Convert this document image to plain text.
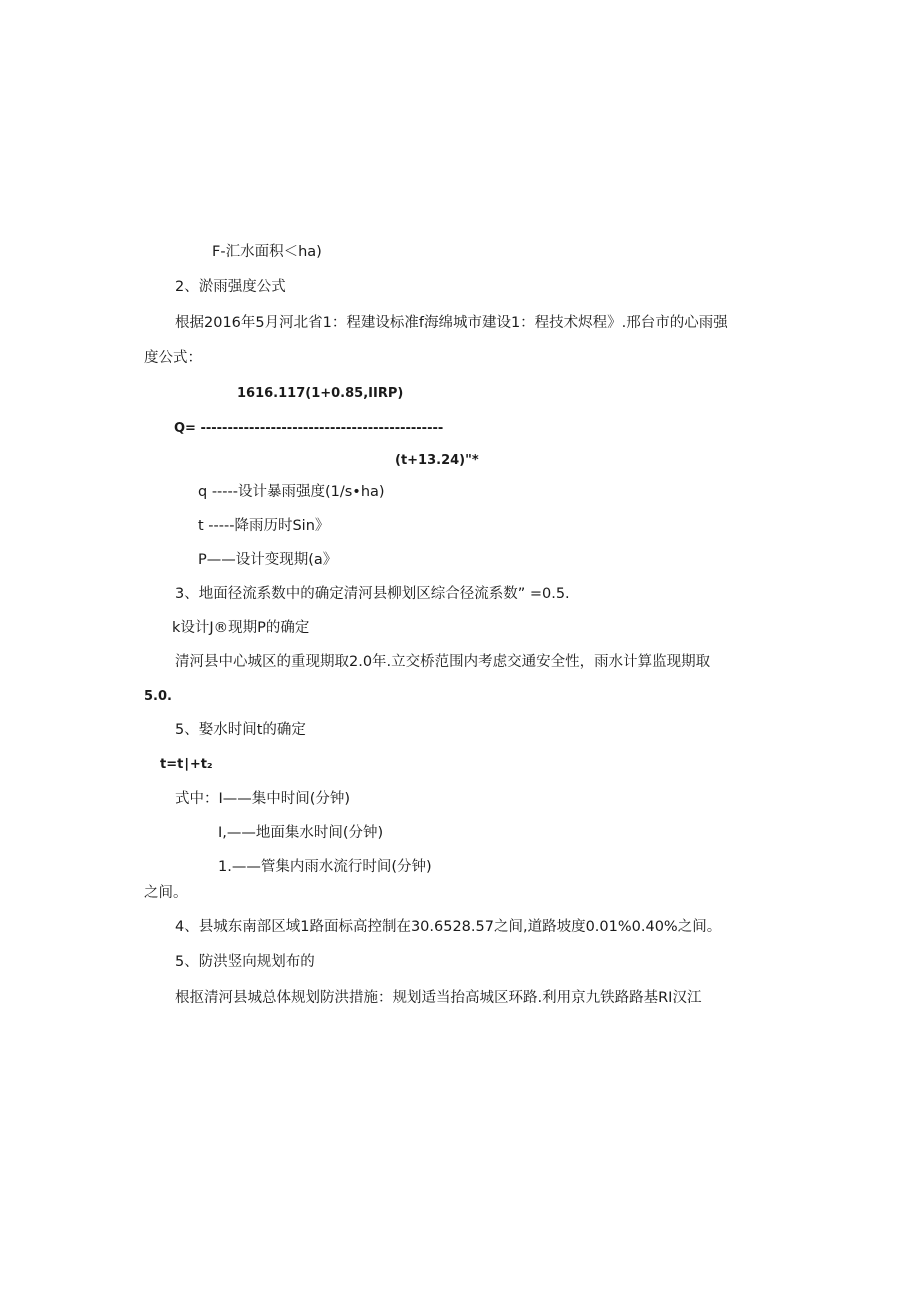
F-汇水面积＜ha)
2、淤雨强度公式
根据2016年5月河北省1：程建设标准f海绵城市建设1：程技术烬程》.邢台市的心雨强
度公式：
1616.117(1+0.85,IIRP)
Q= ---------------------------------------------
(t+13.24)"*
q -----设计暴雨强度(1/s•ha)
t -----降雨历时Sin》
P——设计变现期(a》
3、地面径流系数中的确定清河县柳划区综合径流系数” =0.5.
k设计J®现期P的确定
清河县中心城区的重现期取2.0年.立交桥范围内考虑交通安全性，雨水计算监现期取
5.0.
5、娶水时间t的确定
t=t∣+t₂
式中：I——集中时间(分钟)
I,——地面集水时间(分钟)
1.——管集内雨水流行时间(分钟)
之间。
4、县城东南部区域1路面标高控制在30.6528.57之间,道路坡度0.01%0.40%之间。
5、防洪竖向规划布的
根抠清河县城总体规划防洪措施：规划适当抬高城区环路.利用京九铁路路基RI汉江
